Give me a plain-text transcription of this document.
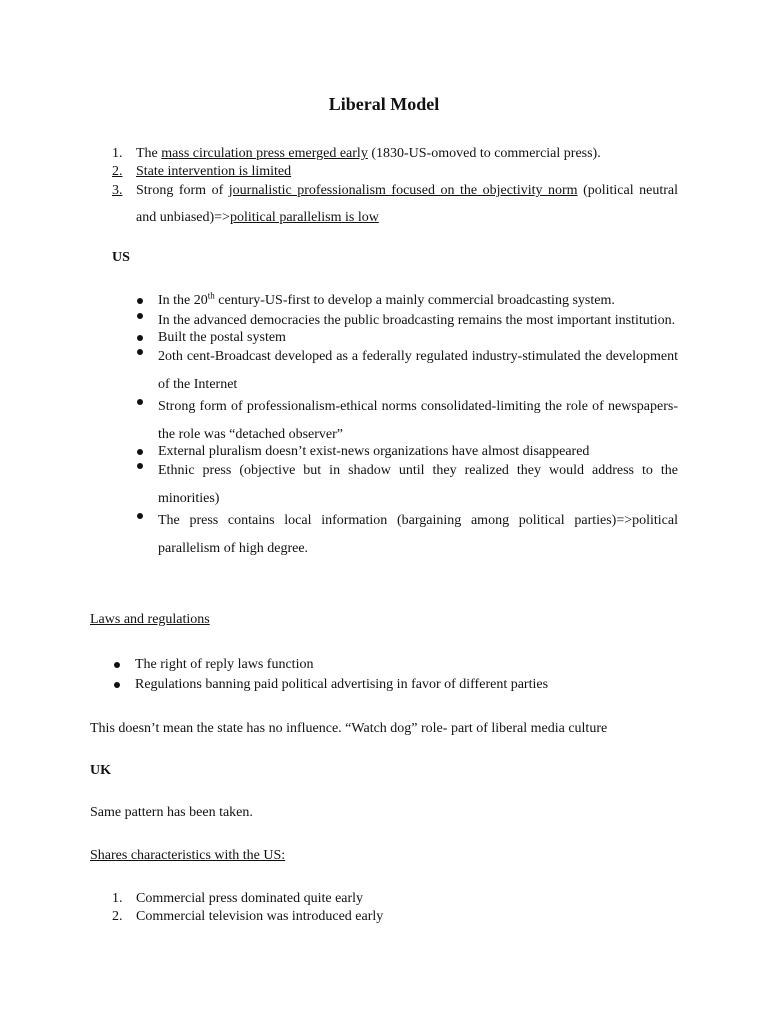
Liberal Model
1. The mass circulation press emerged early (1830-US-omoved to commercial press).
2. State intervention is limited
3. Strong form of journalistic professionalism focused on the objectivity norm (political neutral and unbiased)=>political parallelism is low
US
In the 20th century-US-first to develop a mainly commercial broadcasting system.
In the advanced democracies the public broadcasting remains the most important institution.
Built the postal system
2oth cent-Broadcast developed as a federally regulated industry-stimulated the development of the Internet
Strong form of professionalism-ethical norms consolidated-limiting the role of newspapers-the role was “detached observer”
External pluralism doesn’t exist-news organizations have almost disappeared
Ethnic press (objective but in shadow until they realized they would address to the minorities)
The press contains local information (bargaining among political parties)=>political parallelism of high degree.
Laws and regulations
The right of reply laws function
Regulations banning paid political advertising in favor of different parties
This doesn’t mean the state has no influence. “Watch dog” role- part of liberal media culture
UK
Same pattern has been taken.
Shares characteristics with the US:
1. Commercial press dominated quite early
2. Commercial television was introduced early
